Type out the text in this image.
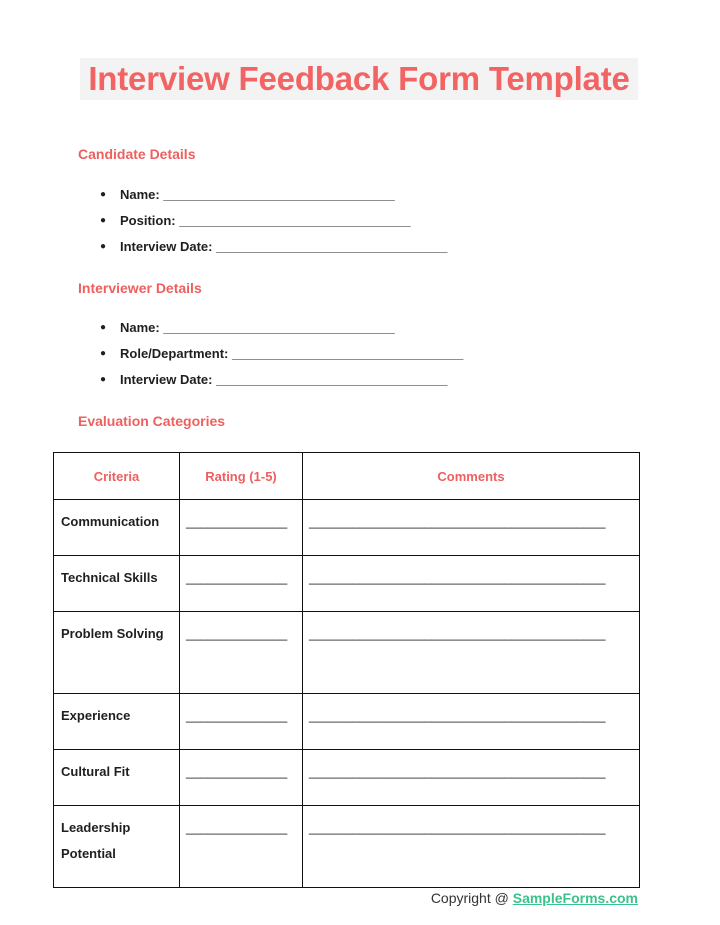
Interview Feedback Form Template
Candidate Details
● Name: ________________________________
● Position: ________________________________
● Interview Date: ________________________________
Interviewer Details
● Name: ________________________________
● Role/Department: ________________________________
● Interview Date: ________________________________
Evaluation Categories
Criteria	Rating (1-5)	Comments
Communication	______________	_________________________________________
Technical Skills	______________	_________________________________________
Problem Solving	______________	_________________________________________
Experience	______________	_________________________________________
Cultural Fit	______________	_________________________________________
Leadership Potential	______________	_________________________________________
Copyright @ SampleForms.com
